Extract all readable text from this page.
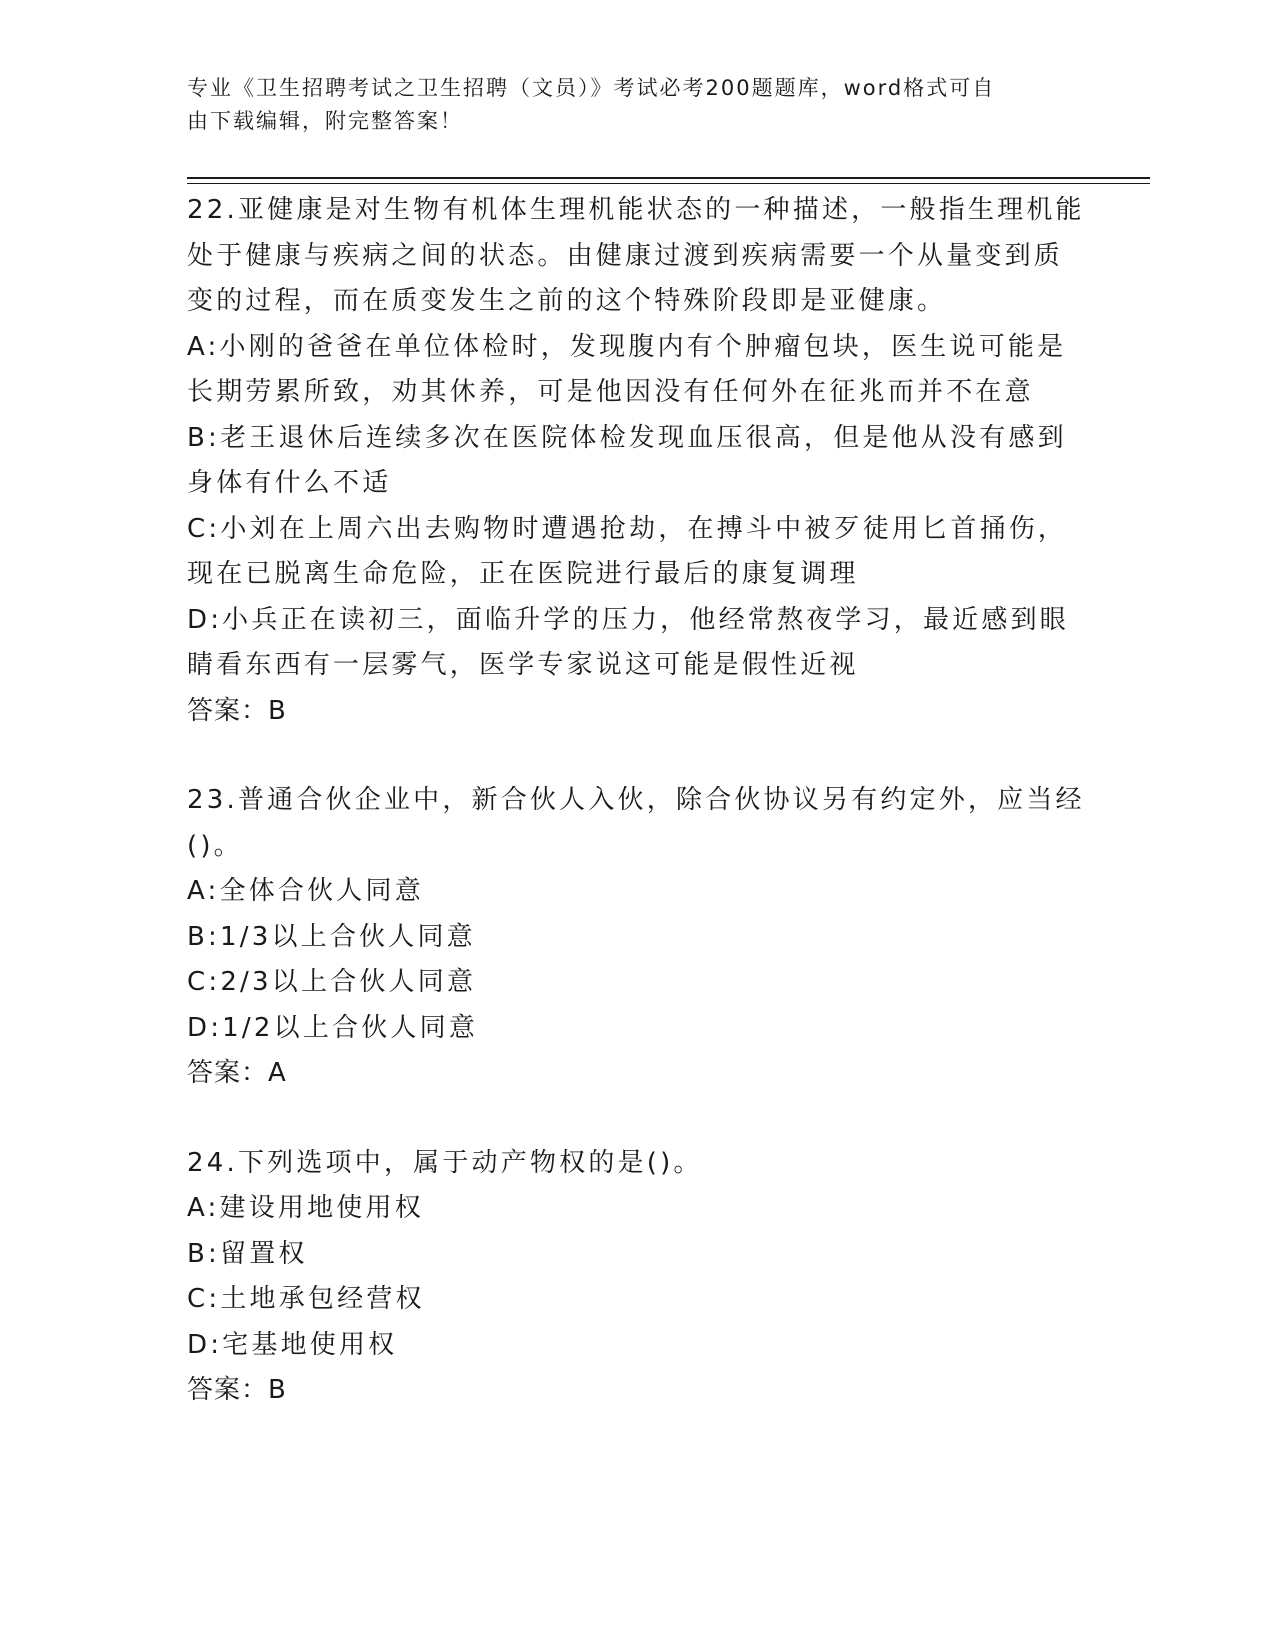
专业《卫生招聘考试之卫生招聘（文员）》考试必考200题题库，word格式可自
由下载编辑，附完整答案！
22.亚健康是对生物有机体生理机能状态的一种描述，一般指生理机能
处于健康与疾病之间的状态。由健康过渡到疾病需要一个从量变到质
变的过程，而在质变发生之前的这个特殊阶段即是亚健康。
A:小刚的爸爸在单位体检时，发现腹内有个肿瘤包块，医生说可能是
长期劳累所致，劝其休养，可是他因没有任何外在征兆而并不在意
B:老王退休后连续多次在医院体检发现血压很高，但是他从没有感到
身体有什么不适
C:小刘在上周六出去购物时遭遇抢劫，在搏斗中被歹徒用匕首捅伤，
现在已脱离生命危险，正在医院进行最后的康复调理
D:小兵正在读初三，面临升学的压力，他经常熬夜学习，最近感到眼
睛看东西有一层雾气，医学专家说这可能是假性近视
答案：B
23.普通合伙企业中，新合伙人入伙，除合伙协议另有约定外，应当经
()。
A:全体合伙人同意
B:1/3以上合伙人同意
C:2/3以上合伙人同意
D:1/2以上合伙人同意
答案：A
24.下列选项中，属于动产物权的是()。
A:建设用地使用权
B:留置权
C:土地承包经营权
D:宅基地使用权
答案：B
